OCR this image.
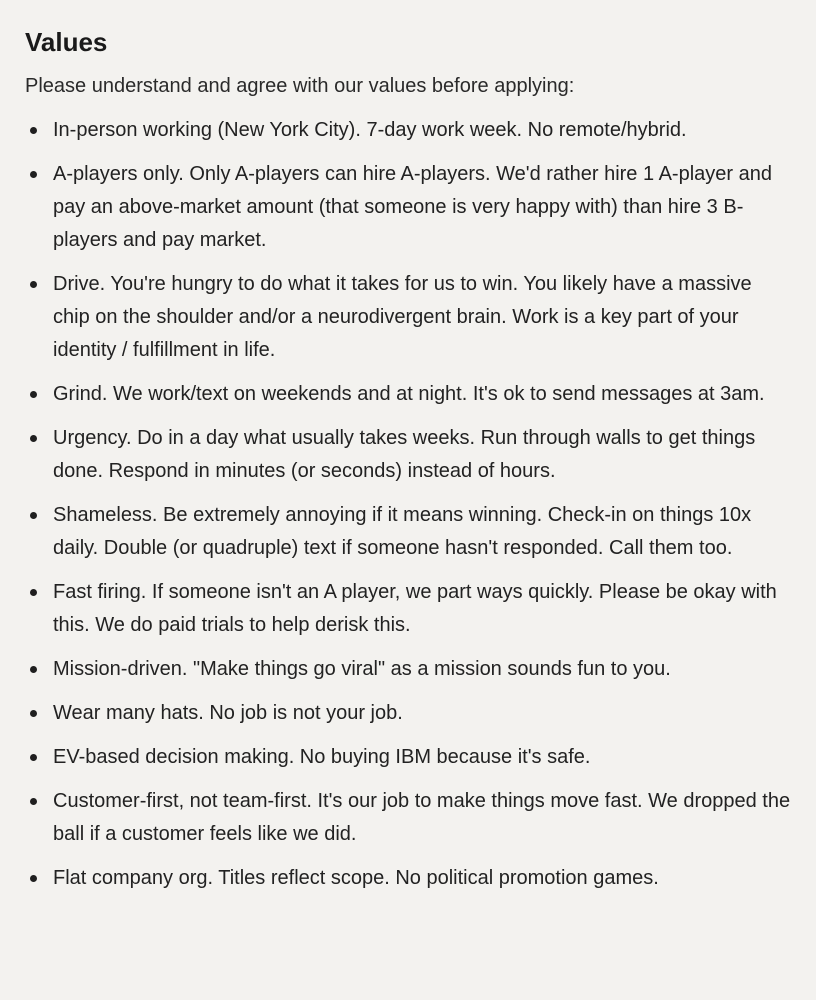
Values

Please understand and agree with our values before applying:

In-person working (New York City). 7-day work week. No remote/hybrid.
A-players only. Only A-players can hire A-players. We'd rather hire 1 A-player and pay an above-market amount (that someone is very happy with) than hire 3 B-players and pay market.
Drive. You're hungry to do what it takes for us to win. You likely have a massive chip on the shoulder and/or a neurodivergent brain. Work is a key part of your identity / fulfillment in life.
Grind. We work/text on weekends and at night. It's ok to send messages at 3am.
Urgency. Do in a day what usually takes weeks. Run through walls to get things done. Respond in minutes (or seconds) instead of hours.
Shameless. Be extremely annoying if it means winning. Check-in on things 10x daily. Double (or quadruple) text if someone hasn't responded. Call them too.
Fast firing. If someone isn't an A player, we part ways quickly. Please be okay with this. We do paid trials to help derisk this.
Mission-driven. "Make things go viral" as a mission sounds fun to you.
Wear many hats. No job is not your job.
EV-based decision making. No buying IBM because it's safe.
Customer-first, not team-first. It's our job to make things move fast. We dropped the ball if a customer feels like we did.
Flat company org. Titles reflect scope. No political promotion games.
